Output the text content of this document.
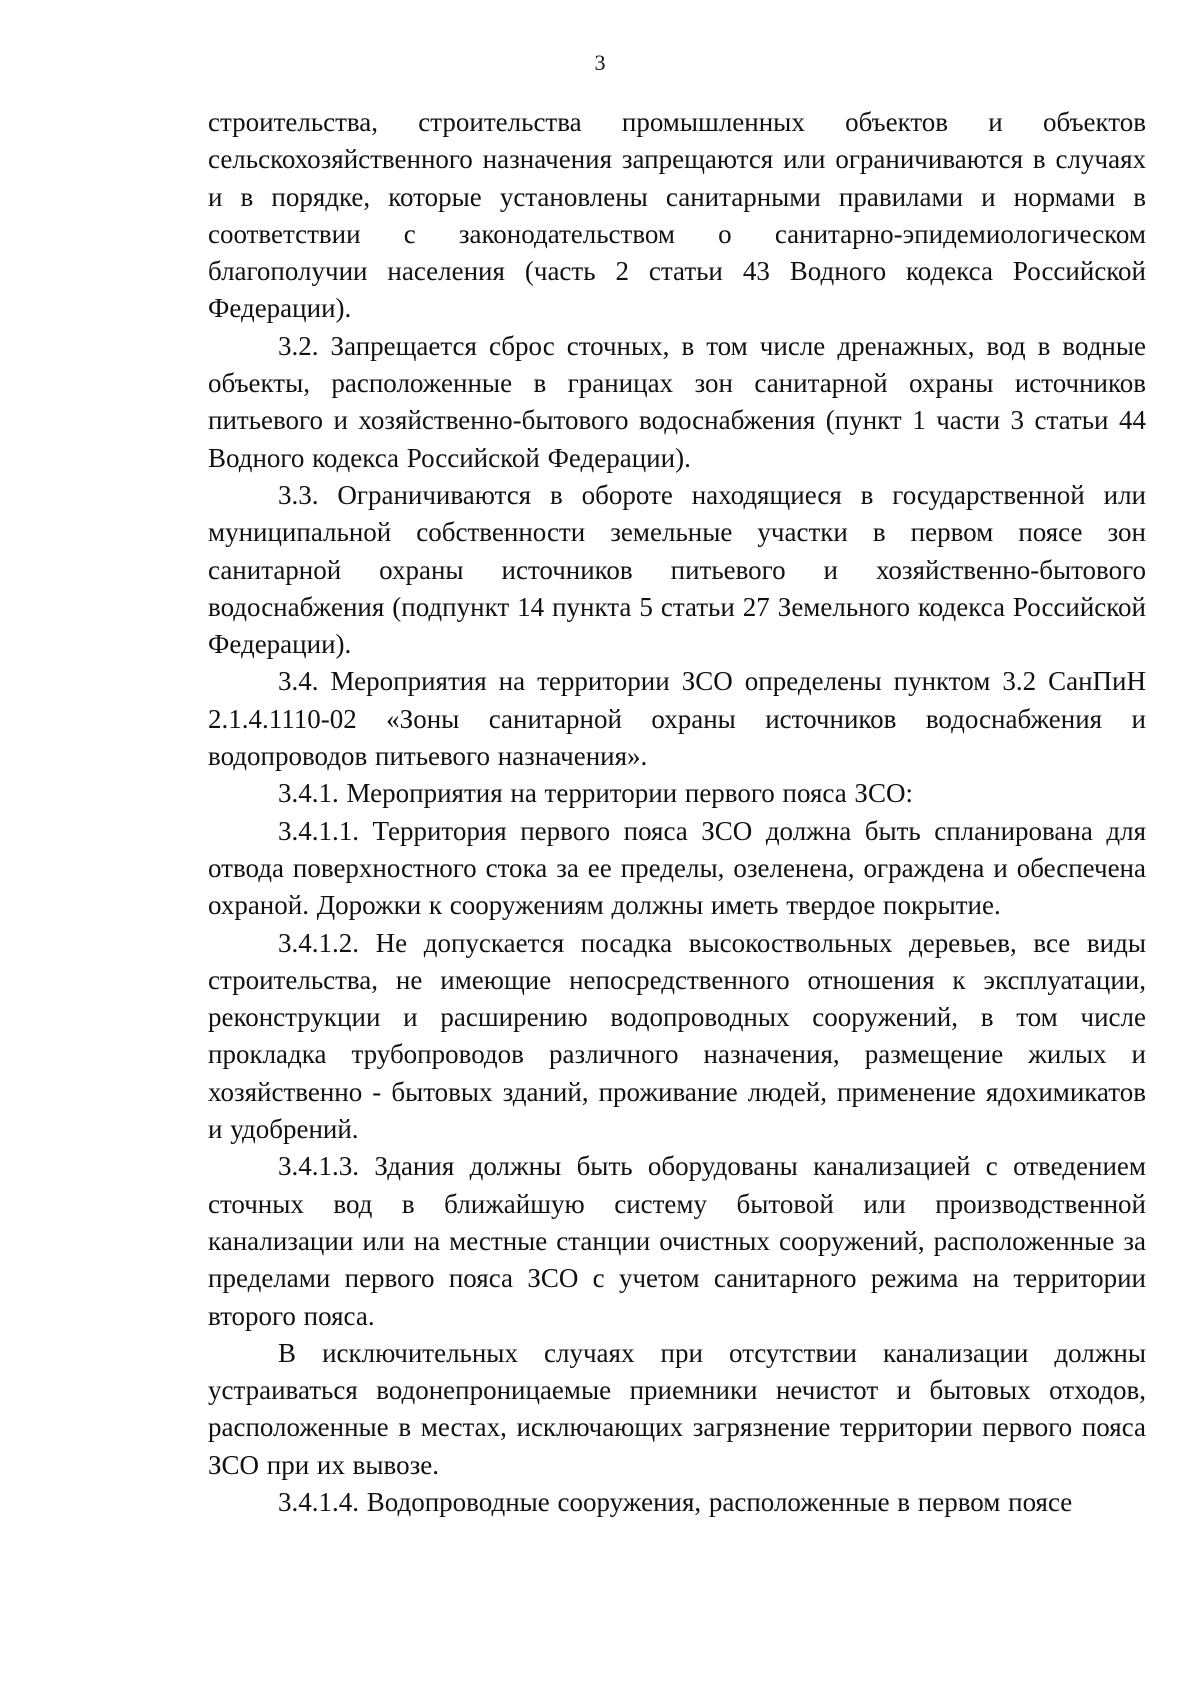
3

строительства, строительства промышленных объектов и объектов сельскохозяйственного назначения запрещаются или ограничиваются в случаях и в порядке, которые установлены санитарными правилами и нормами в соответствии с законодательством о санитарно-эпидемиологическом благополучии населения (часть 2 статьи 43 Водного кодекса Российской Федерации).

3.2. Запрещается сброс сточных, в том числе дренажных, вод в водные объекты, расположенные в границах зон санитарной охраны источников питьевого и хозяйственно-бытового водоснабжения (пункт 1 части 3 статьи 44 Водного кодекса Российской Федерации).

3.3. Ограничиваются в обороте находящиеся в государственной или муниципальной собственности земельные участки в первом поясе зон санитарной охраны источников питьевого и хозяйственно-бытового водоснабжения (подпункт 14 пункта 5 статьи 27 Земельного кодекса Российской Федерации).

3.4. Мероприятия на территории ЗСО определены пунктом 3.2 СанПиН 2.1.4.1110-02 «Зоны санитарной охраны источников водоснабжения и водопроводов питьевого назначения».

3.4.1. Мероприятия на территории первого пояса ЗСО:

3.4.1.1. Территория первого пояса ЗСО должна быть спланирована для отвода поверхностного стока за ее пределы, озеленена, ограждена и обеспечена охраной. Дорожки к сооружениям должны иметь твердое покрытие.

3.4.1.2. Не допускается посадка высокоствольных деревьев, все виды строительства, не имеющие непосредственного отношения к эксплуатации, реконструкции и расширению водопроводных сооружений, в том числе прокладка трубопроводов различного назначения, размещение жилых и хозяйственно - бытовых зданий, проживание людей, применение ядохимикатов и удобрений.

3.4.1.3. Здания должны быть оборудованы канализацией с отведением сточных вод в ближайшую систему бытовой или производственной канализации или на местные станции очистных сооружений, расположенные за пределами первого пояса ЗСО с учетом санитарного режима на территории второго пояса.

В исключительных случаях при отсутствии канализации должны устраиваться водонепроницаемые приемники нечистот и бытовых отходов, расположенные в местах, исключающих загрязнение территории первого пояса ЗСО при их вывозе.

3.4.1.4. Водопроводные сооружения, расположенные в первом поясе
